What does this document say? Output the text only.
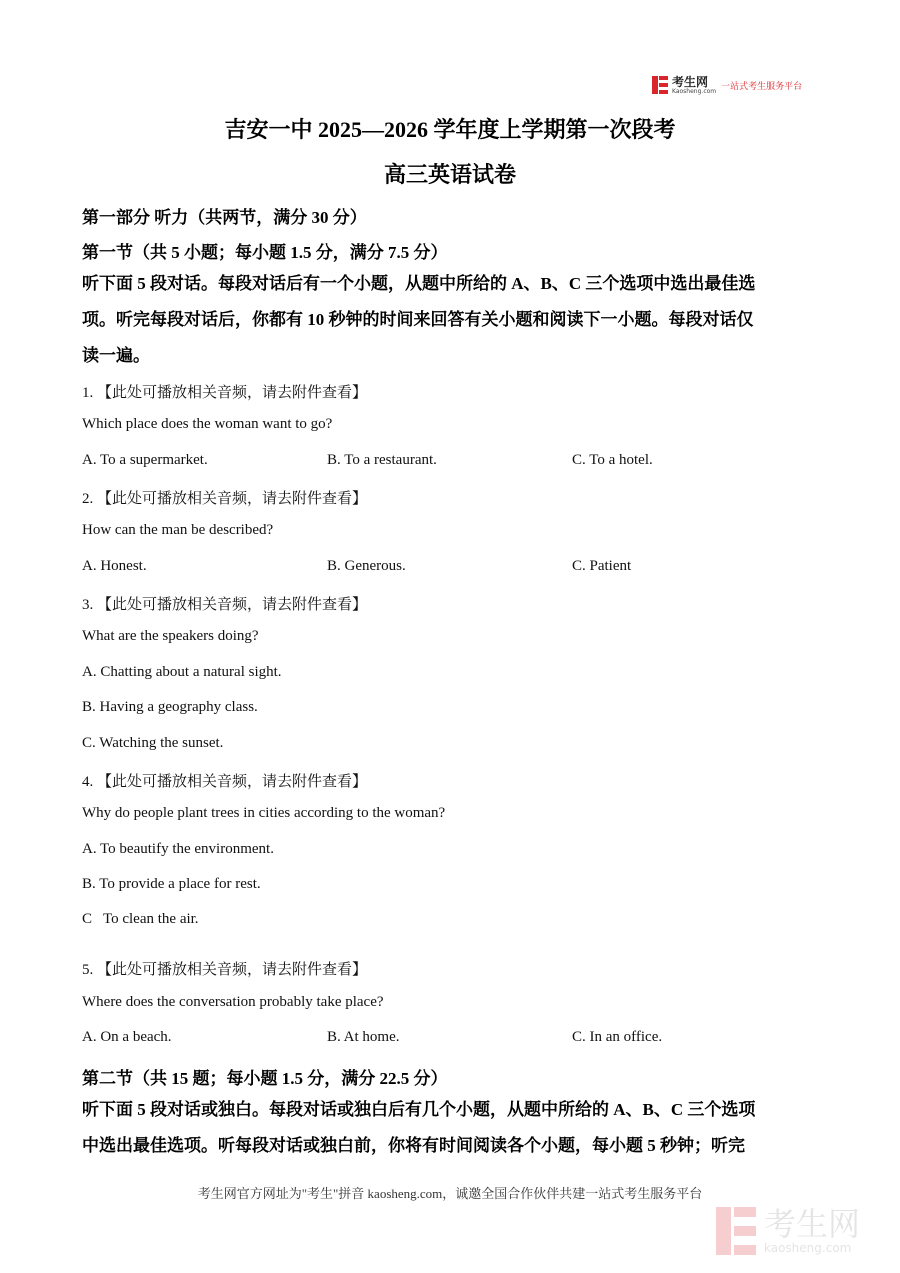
考生网
Kaosheng.com 一站式考生服务平台
吉安一中 2025—2026 学年度上学期第一次段考
高三英语试卷
第一部分 听力（共两节，满分 30 分）
第一节（共 5 小题；每小题 1.5 分，满分 7.5 分）
听下面 5 段对话。每段对话后有一个小题，从题中所给的 A、B、C 三个选项中选出最佳选
项。听完每段对话后，你都有 10 秒钟的时间来回答有关小题和阅读下一小题。每段对话仅
读一遍。
1. 【此处可播放相关音频，请去附件查看】
Which place does the woman want to go?
A. To a supermarket.	B. To a restaurant.	C. To a hotel.
2. 【此处可播放相关音频，请去附件查看】
How can the man be described?
A. Honest.	B. Generous.	C. Patient
3. 【此处可播放相关音频，请去附件查看】
What are the speakers doing?
A. Chatting about a natural sight.
B. Having a geography class.
C. Watching the sunset.
4. 【此处可播放相关音频，请去附件查看】
Why do people plant trees in cities according to the woman?
A. To beautify the environment.
B. To provide a place for rest.
C   To clean the air.
5. 【此处可播放相关音频，请去附件查看】
Where does the conversation probably take place?
A. On a beach.	B. At home.	C. In an office.
第二节（共 15 题；每小题 1.5 分，满分 22.5 分）
听下面 5 段对话或独白。每段对话或独白后有几个小题，从题中所给的 A、B、C 三个选项
中选出最佳选项。听每段对话或独白前，你将有时间阅读各个小题，每小题 5 秒钟；听完
考生网官方网址为"考生"拼音 kaosheng.com，诚邀全国合作伙伴共建一站式考生服务平台
考生网
kaosheng.com
